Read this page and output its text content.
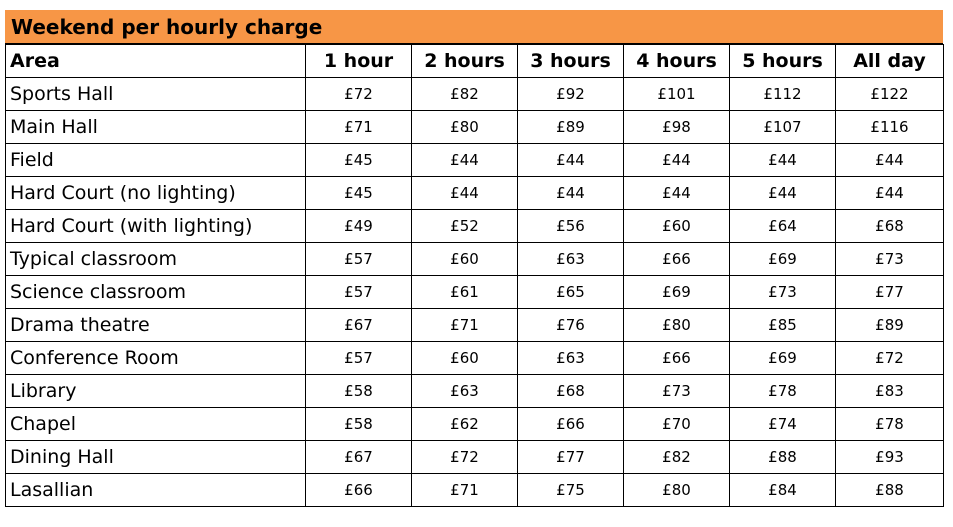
Weekend per hourly charge
Area	1 hour	2 hours	3 hours	4 hours	5 hours	All day
Sports Hall	£72	£82	£92	£101	£112	£122
Main Hall	£71	£80	£89	£98	£107	£116
Field	£45	£44	£44	£44	£44	£44
Hard Court (no lighting)	£45	£44	£44	£44	£44	£44
Hard Court (with lighting)	£49	£52	£56	£60	£64	£68
Typical classroom	£57	£60	£63	£66	£69	£73
Science classroom	£57	£61	£65	£69	£73	£77
Drama theatre	£67	£71	£76	£80	£85	£89
Conference Room	£57	£60	£63	£66	£69	£72
Library	£58	£63	£68	£73	£78	£83
Chapel	£58	£62	£66	£70	£74	£78
Dining Hall	£67	£72	£77	£82	£88	£93
Lasallian	£66	£71	£75	£80	£84	£88
